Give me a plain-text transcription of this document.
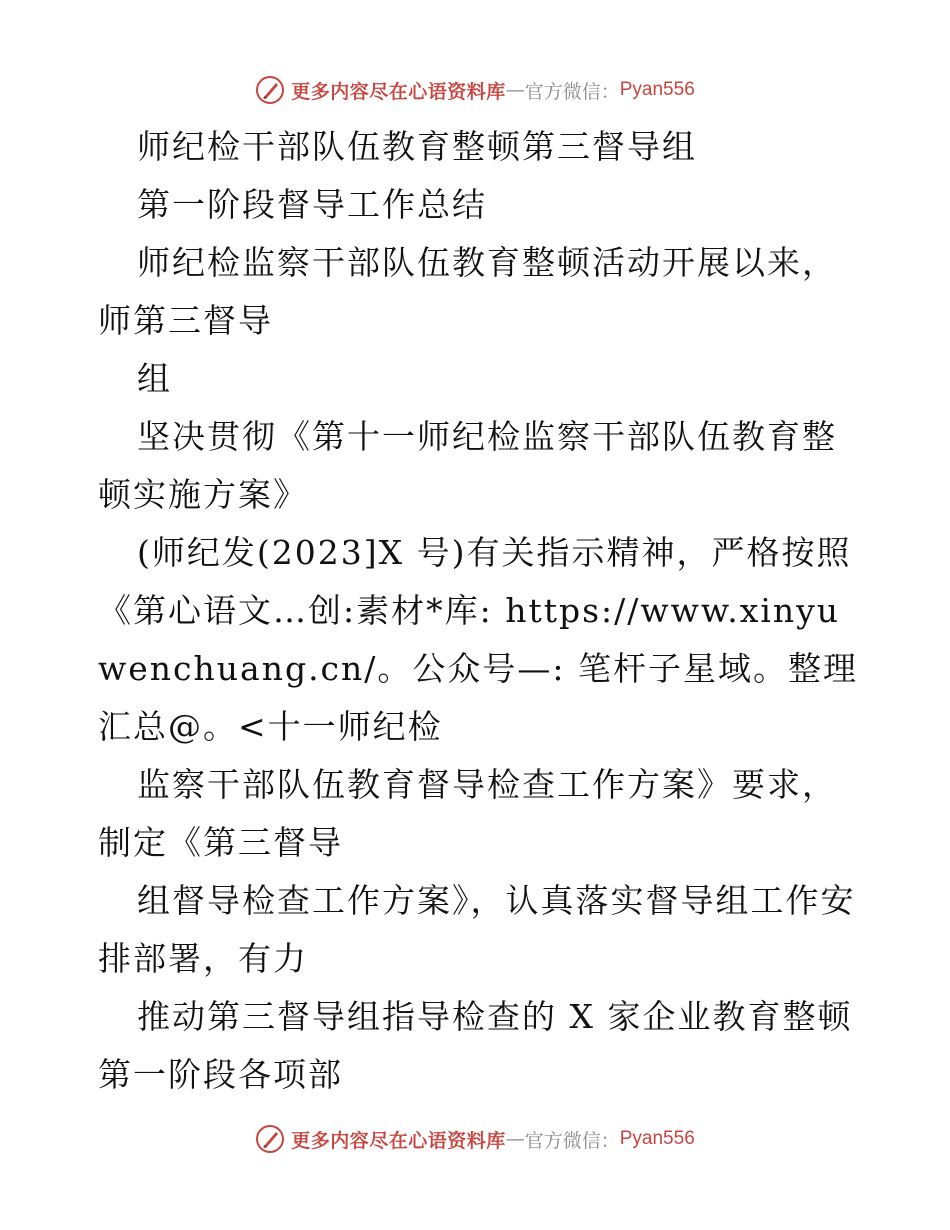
更多内容尽在心语资料库 — 官方微信： Pyan556

师纪检干部队伍教育整顿第三督导组

第一阶段督导工作总结

师纪检监察干部队伍教育整顿活动开展以来，师第三督导

组

坚决贯彻《第十一师纪检监察干部队伍教育整顿实施方案》

(师纪发(2023]X 号)有关指示精神，严格按照《第心语文…创:素材*库: https://www.xinyuwenchuang.cn/。公众号—: 笔杆子星域。整理汇总@。<十一师纪检

监察干部队伍教育督导检查工作方案》要求，制定《第三督导

组督导检查工作方案》，认真落实督导组工作安排部署，有力

推动第三督导组指导检查的 X 家企业教育整顿第一阶段各项部

更多内容尽在心语资料库 — 官方微信： Pyan556
